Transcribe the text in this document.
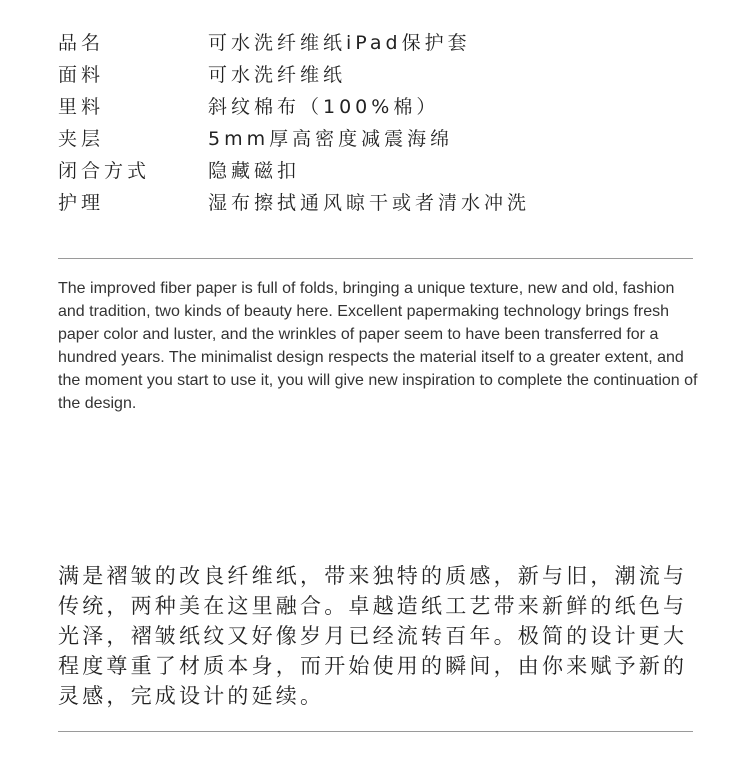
品名	可水洗纤维纸iPad保护套
面料	可水洗纤维纸
里料	斜纹棉布（100%棉）
夹层	5mm厚高密度减震海绵
闭合方式	隐藏磁扣
护理	湿布擦拭通风晾干或者清水冲洗

The improved fiber paper is full of folds, bringing a unique texture, new and old, fashion and tradition, two kinds of beauty here. Excellent papermaking technology brings fresh paper color and luster, and the wrinkles of paper seem to have been transferred for a hundred years. The minimalist design respects the material itself to a greater extent, and the moment you start to use it, you will give new inspiration to complete the continuation of the design.

满是褶皱的改良纤维纸，带来独特的质感，新与旧，潮流与传统，两种美在这里融合。卓越造纸工艺带来新鲜的纸色与光泽，褶皱纸纹又好像岁月已经流转百年。极简的设计更大程度尊重了材质本身，而开始使用的瞬间，由你来赋予新的灵感，完成设计的延续。
